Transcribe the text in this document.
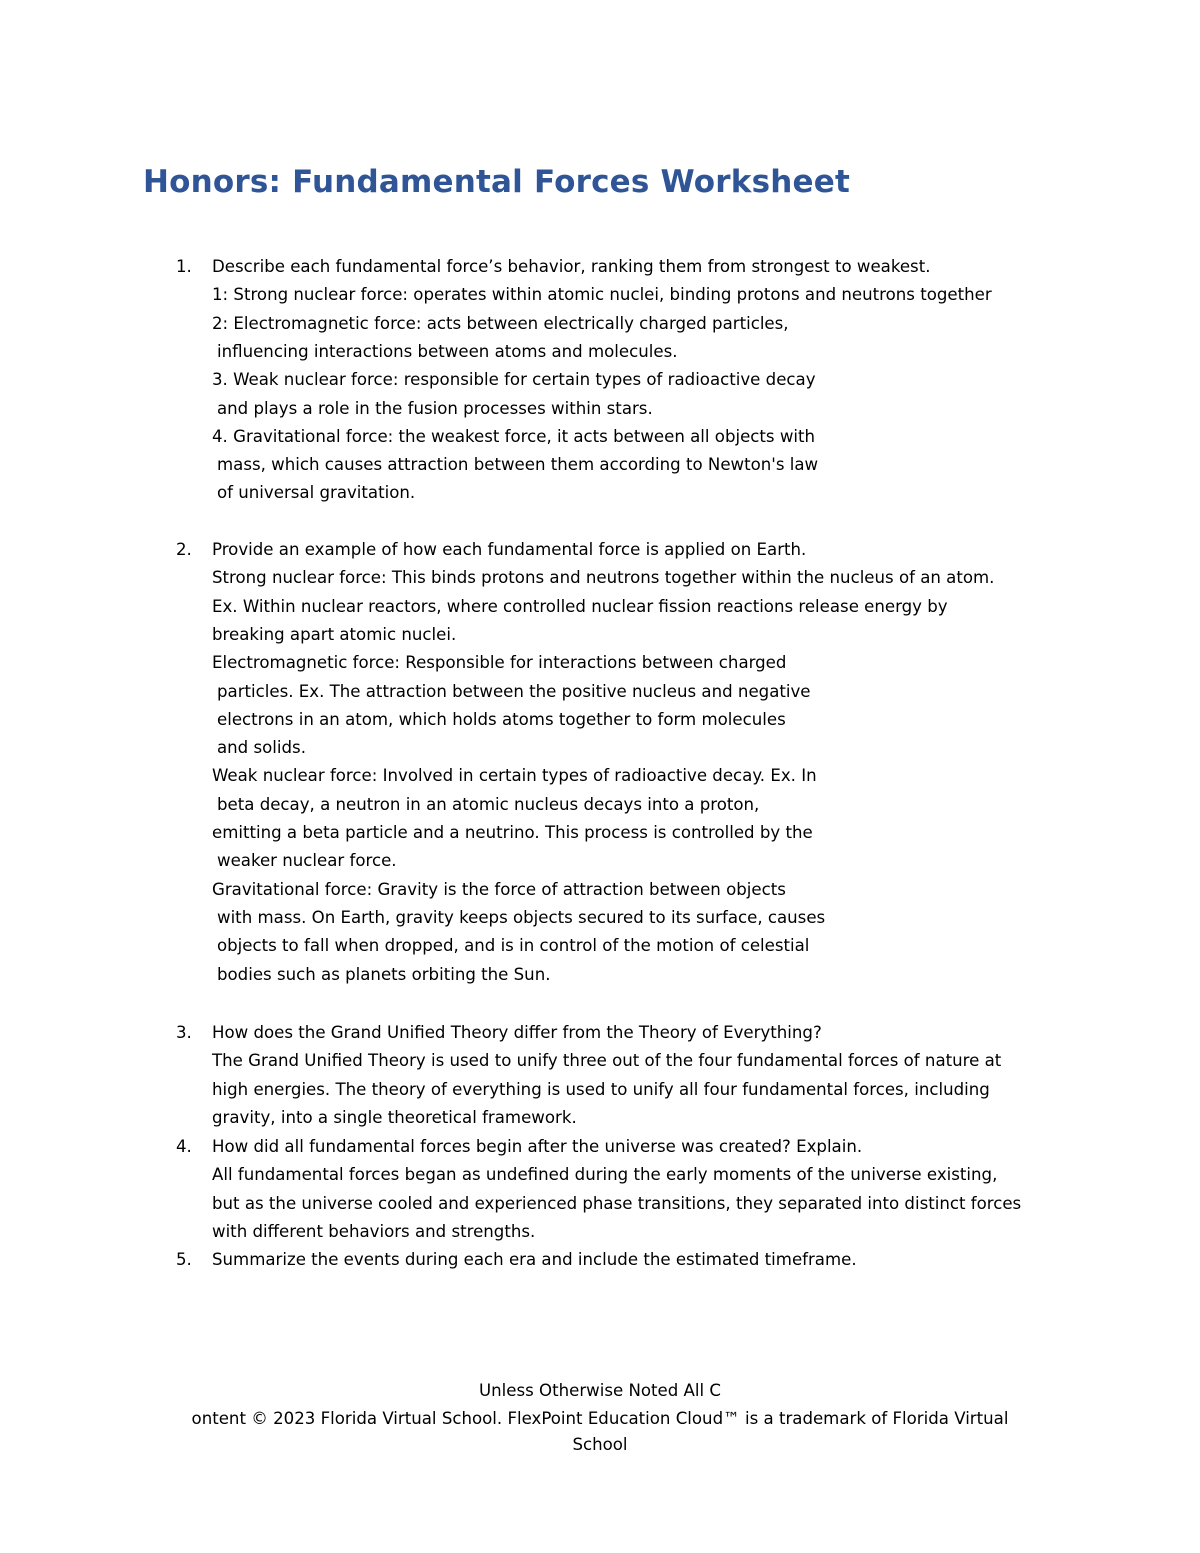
Honors: Fundamental Forces Worksheet
1. Describe each fundamental force’s behavior, ranking them from strongest to weakest.
1: Strong nuclear force: operates within atomic nuclei, binding protons and neutrons together
2: Electromagnetic force: acts between electrically charged particles,
influencing interactions between atoms and molecules.
3. Weak nuclear force: responsible for certain types of radioactive decay
and plays a role in the fusion processes within stars.
4. Gravitational force: the weakest force, it acts between all objects with
mass, which causes attraction between them according to Newton's law
of universal gravitation.
2. Provide an example of how each fundamental force is applied on Earth.
Strong nuclear force: This binds protons and neutrons together within the nucleus of an atom.
Ex. Within nuclear reactors, where controlled nuclear fission reactions release energy by
breaking apart atomic nuclei.
Electromagnetic force: Responsible for interactions between charged
particles. Ex. The attraction between the positive nucleus and negative
electrons in an atom, which holds atoms together to form molecules
and solids.
Weak nuclear force: Involved in certain types of radioactive decay. Ex. In
beta decay, a neutron in an atomic nucleus decays into a proton,
emitting a beta particle and a neutrino. This process is controlled by the
weaker nuclear force.
Gravitational force: Gravity is the force of attraction between objects
with mass. On Earth, gravity keeps objects secured to its surface, causes
objects to fall when dropped, and is in control of the motion of celestial
bodies such as planets orbiting the Sun.
3. How does the Grand Unified Theory differ from the Theory of Everything?
The Grand Unified Theory is used to unify three out of the four fundamental forces of nature at
high energies. The theory of everything is used to unify all four fundamental forces, including
gravity, into a single theoretical framework.
4. How did all fundamental forces begin after the universe was created? Explain.
All fundamental forces began as undefined during the early moments of the universe existing,
but as the universe cooled and experienced phase transitions, they separated into distinct forces
with different behaviors and strengths.
5. Summarize the events during each era and include the estimated timeframe.
Unless Otherwise Noted All C
ontent © 2023 Florida Virtual School. FlexPoint Education Cloud™ is a trademark of Florida Virtual
School
